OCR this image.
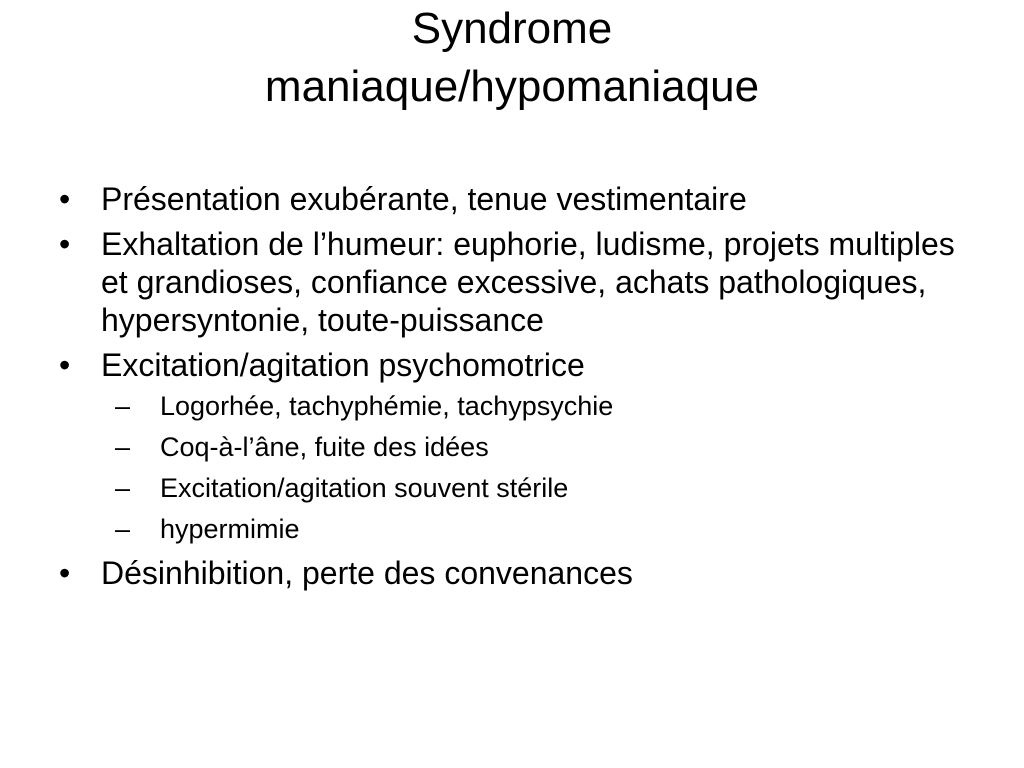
Syndrome
maniaque/hypomaniaque
• Présentation exubérante, tenue vestimentaire
• Exhaltation de l’humeur: euphorie, ludisme, projets multiples et grandioses, confiance excessive, achats pathologiques, hypersyntonie, toute-puissance
• Excitation/agitation psychomotrice
– Logorhée, tachyphémie, tachypsychie
– Coq-à-l’âne, fuite des idées
– Excitation/agitation souvent stérile
– hypermimie
• Désinhibition, perte des convenances
